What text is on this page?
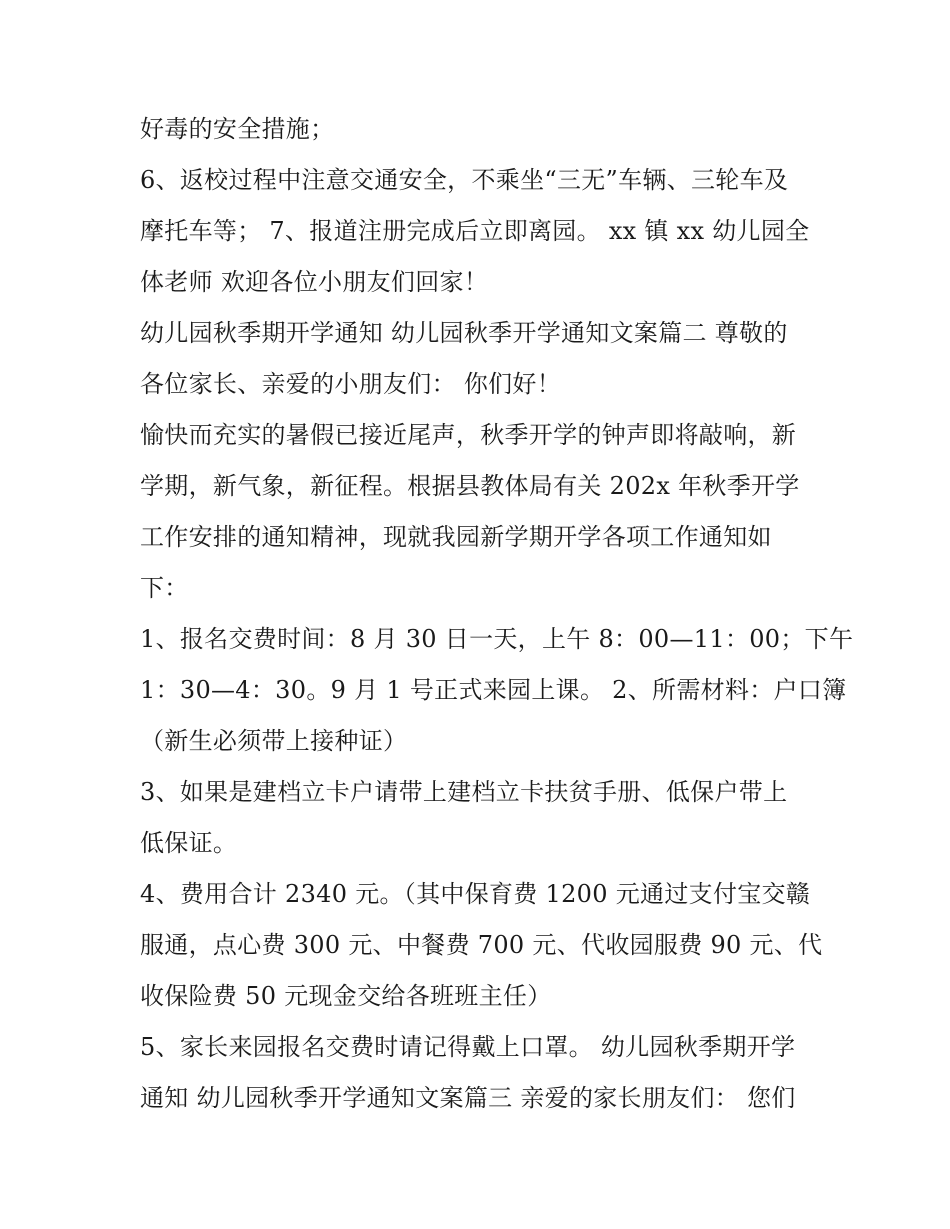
好毒的安全措施；
6、返校过程中注意交通安全，不乘坐“三无”车辆、三轮车及
摩托车等； 7、报道注册完成后立即离园。 xx 镇 xx 幼儿园全
体老师 欢迎各位小朋友们回家！
幼儿园秋季期开学通知 幼儿园秋季开学通知文案篇二 尊敬的
各位家长、亲爱的小朋友们： 你们好！
愉快而充实的暑假已接近尾声，秋季开学的钟声即将敲响，新
学期，新气象，新征程。根据县教体局有关 202x 年秋季开学
工作安排的通知精神，现就我园新学期开学各项工作通知如
下：
1、报名交费时间：8 月 30 日一天，上午 8：00—11：00；下午
1：30—4：30。9 月 1 号正式来园上课。 2、所需材料：户口簿
（新生必须带上接种证）
3、如果是建档立卡户请带上建档立卡扶贫手册、低保户带上
低保证。
4、费用合计 2340 元。（其中保育费 1200 元通过支付宝交赣
服通，点心费 300 元、中餐费 700 元、代收园服费 90 元、代
收保险费 50 元现金交给各班班主任）
5、家长来园报名交费时请记得戴上口罩。 幼儿园秋季期开学
通知 幼儿园秋季开学通知文案篇三 亲爱的家长朋友们： 您们
